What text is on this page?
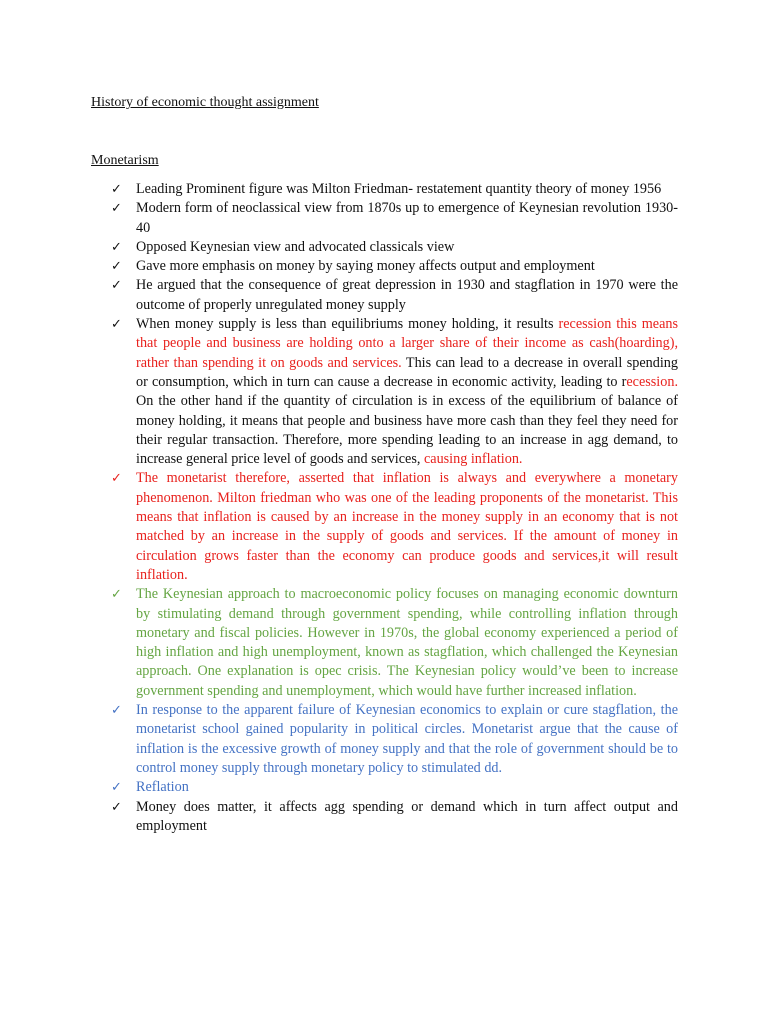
History of economic thought assignment
Monetarism
✓ Leading Prominent figure was Milton Friedman- restatement quantity theory of money 1956
✓ Modern form of neoclassical view from 1870s up to emergence of Keynesian revolution 1930-40
✓ Opposed Keynesian view and advocated classicals view
✓ Gave more emphasis on money by saying money affects output and employment
✓ He argued that the consequence of great depression in 1930 and stagflation in 1970 were the outcome of properly unregulated money supply
✓ When money supply is less than equilibriums money holding, it results recession this means that people and business are holding onto a larger share of their income as cash(hoarding), rather than spending it on goods and services. This can lead to a decrease in overall spending or consumption, which in turn can cause a decrease in economic activity, leading to recession. On the other hand if the quantity of circulation is in excess of the equilibrium of balance of money holding, it means that people and business have more cash than they feel they need for their regular transaction. Therefore, more spending leading to an increase in agg demand, to increase general price level of goods and services, causing inflation.
✓ The monetarist therefore, asserted that inflation is always and everywhere a monetary phenomenon. Milton friedman who was one of the leading proponents of the monetarist. This means that inflation is caused by an increase in the money supply in an economy that is not matched by an increase in the supply of goods and services. If the amount of money in circulation grows faster than the economy can produce goods and services,it will result inflation.
✓ The Keynesian approach to macroeconomic policy focuses on managing economic downturn by stimulating demand through government spending, while controlling inflation through monetary and fiscal policies. However in 1970s, the global economy experienced a period of high inflation and high unemployment, known as stagflation, which challenged the Keynesian approach. One explanation is opec crisis. The Keynesian policy would’ve been to increase government spending and unemployment, which would have further increased inflation.
✓ In response to the apparent failure of Keynesian economics to explain or cure stagflation, the monetarist school gained popularity in political circles. Monetarist argue that the cause of inflation is the excessive growth of money supply and that the role of government should be to control money supply through monetary policy to stimulated dd.
✓ Reflation
✓ Money does matter, it affects agg spending or demand which in turn affect output and employment
